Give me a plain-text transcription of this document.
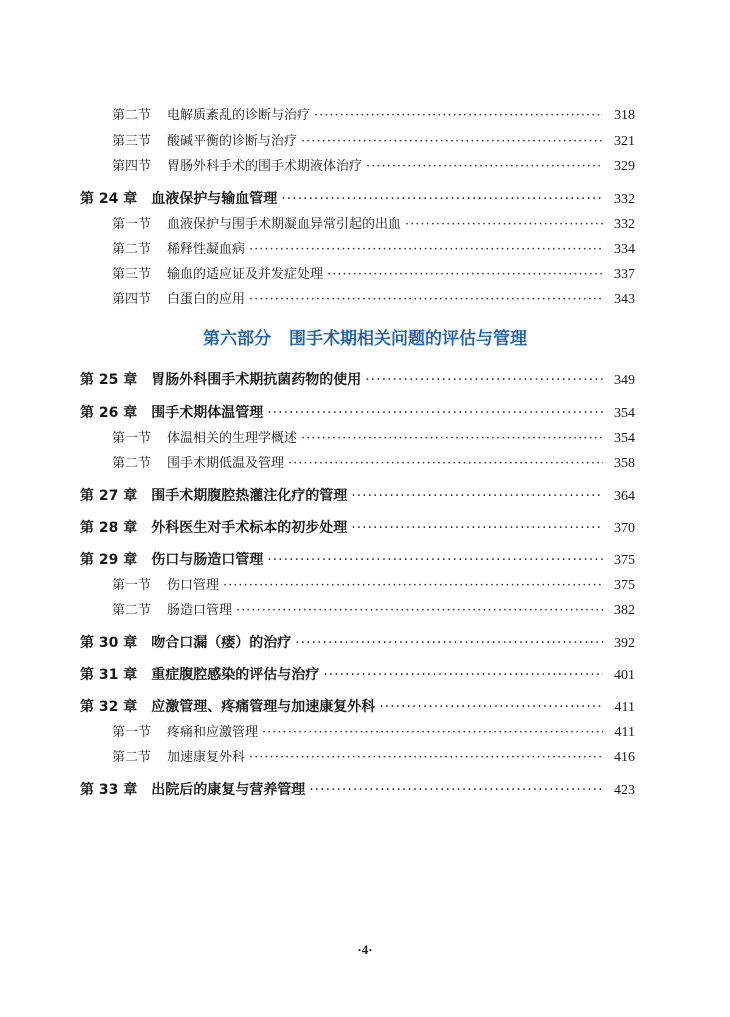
第二节 电解质紊乱的诊断与治疗 ·····	318
第三节 酸碱平衡的诊断与治疗 ·····	321
第四节 胃肠外科手术的围手术期液体治疗 ·····	329
第 24 章 血液保护与输血管理 ·····	332
第一节 血液保护与围手术期凝血异常引起的出血 ·····	332
第二节 稀释性凝血病 ·····	334
第三节 输血的适应证及并发症处理 ·····	337
第四节 白蛋白的应用 ·····	343
第六部分 围手术期相关问题的评估与管理
第 25 章 胃肠外科围手术期抗菌药物的使用 ·····	349
第 26 章 围手术期体温管理 ·····	354
第一节 体温相关的生理学概述 ·····	354
第二节 围手术期低温及管理 ·····	358
第 27 章 围手术期腹腔热灌注化疗的管理 ·····	364
第 28 章 外科医生对手术标本的初步处理 ·····	370
第 29 章 伤口与肠造口管理 ·····	375
第一节 伤口管理 ·····	375
第二节 肠造口管理 ·····	382
第 30 章 吻合口漏（瘘）的治疗 ·····	392
第 31 章 重症腹腔感染的评估与治疗 ·····	401
第 32 章 应激管理、疼痛管理与加速康复外科 ·····	411
第一节 疼痛和应激管理 ·····	411
第二节 加速康复外科 ·····	416
第 33 章 出院后的康复与营养管理 ·····	423
·4·
